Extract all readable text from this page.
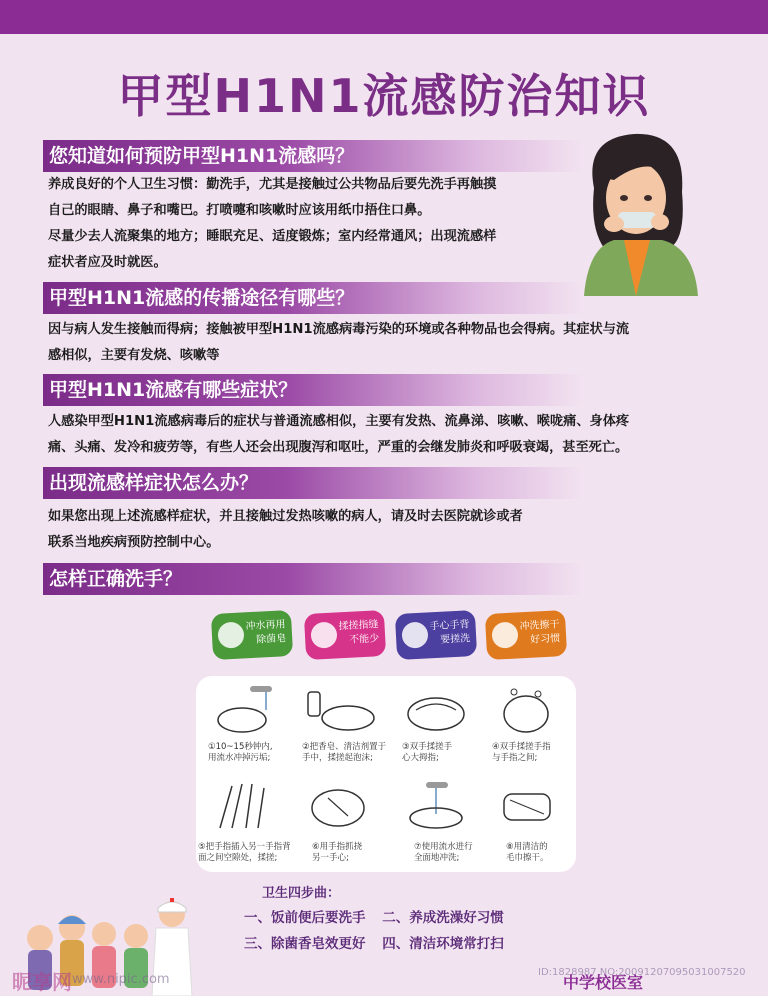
甲型H1N1流感防治知识
您知道如何预防甲型H1N1流感吗？
养成良好的个人卫生习惯：勤洗手，尤其是接触过公共物品后要先洗手再触摸
自己的眼睛、鼻子和嘴巴。打喷嚏和咳嗽时应该用纸巾捂住口鼻。
尽量少去人流聚集的地方；睡眠充足、适度锻炼；室内经常通风；出现流感样
症状者应及时就医。
甲型H1N1流感的传播途径有哪些？
因与病人发生接触而得病；接触被甲型H1N1流感病毒污染的环境或各种物品也会得病。其症状与流
感相似，主要有发烧、咳嗽等
甲型H1N1流感有哪些症状？
人感染甲型H1N1流感病毒后的症状与普通流感相似，主要有发热、流鼻涕、咳嗽、喉咙痛、身体疼
痛、头痛、发冷和疲劳等，有些人还会出现腹泻和呕吐，严重的会继发肺炎和呼吸衰竭，甚至死亡。
出现流感样症状怎么办？
如果您出现上述流感样症状，并且接触过发热咳嗽的病人，请及时去医院就诊或者
联系当地疾病预防控制中心。
怎样正确洗手？
冲水再用
除菌皂
揉搓指缝
不能少
手心手背
要搓洗
冲洗擦干
好习惯
①10~15秒钟内,
用流水冲掉污垢;
②把香皂、清洁剂置于
手中，揉搓起泡沫;
③双手揉搓手
心大拇指;
④双手揉搓手指
与手指之间;
⑤把手指插入另一手指背
面之间空隙处，揉搓;
⑥用手指抓挠
另一手心;
⑦使用流水进行
全面地冲洗;
⑧用清洁的
毛巾擦干。
卫生四步曲：
一、饭前便后要洗手 二、养成洗澡好习惯
三、除菌香皂效更好 四、清洁环境常打扫
昵享网 www.nipic.com	中学校医室
ID:1828987 NO:20091207095031007520
